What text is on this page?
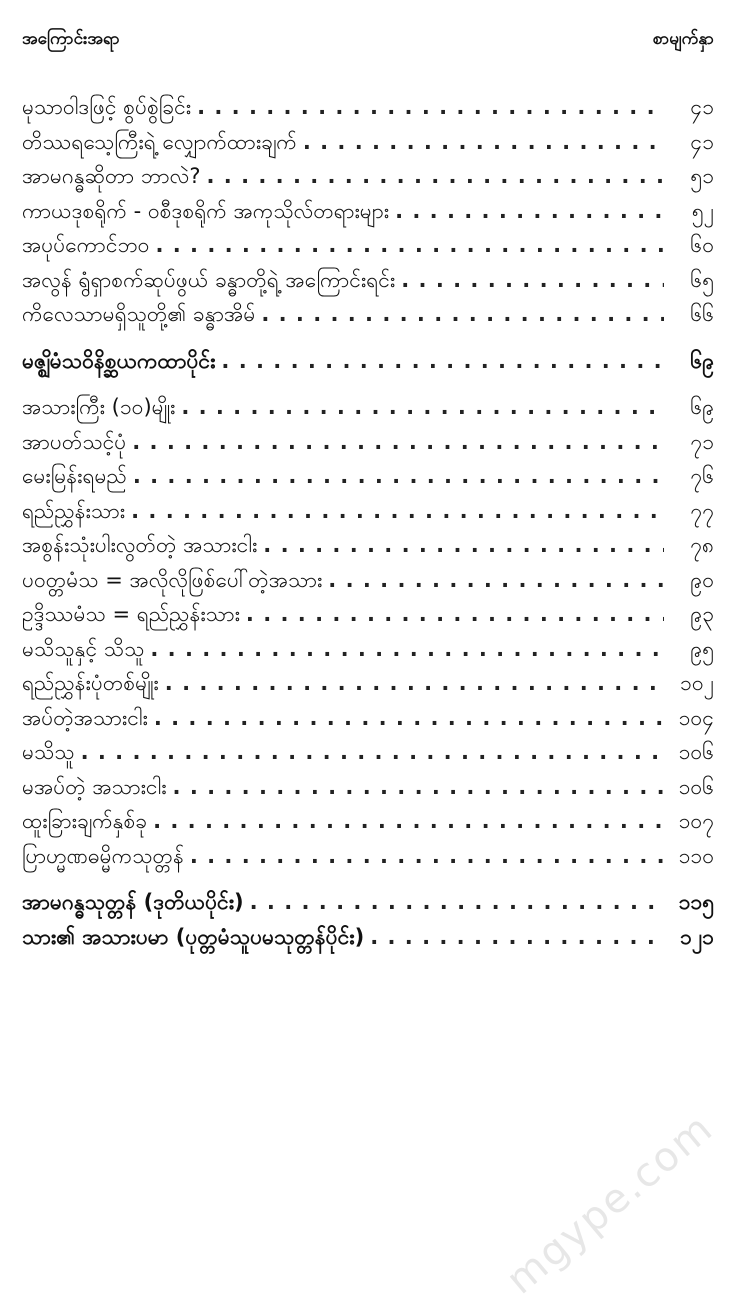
အကြောင်းအရာ	စာမျက်နှာ
မုသာဝါဒဖြင့် စွပ်စွဲခြင်း . . .	၄၁
တိဿရသေ့ကြီးရဲ့ လျှောက်ထားချက် . . .	၄၁
အာမဂန္ဓဆိုတာ ဘာလဲ? . . .	၅၁
ကာယဒုစရိုက် - ဝစီဒုစရိုက် အကုသိုလ်တရားများ . . .	၅၂
အပုပ်ကောင်ဘဝ . . .	၆၀
အလွန် ရွံရှာစက်ဆုပ်ဖွယ် ခန္ဓာတို့ရဲ့ အကြောင်းရင်း . . .	၆၅
ကိလေသာမရှိသူတို့၏ ခန္ဓာအိမ် . . .	၆၆
မဇ္ဈိမံသဝိနိစ္ဆယကထာပိုင်း . . .	၆၉
အသားကြီး (၁၀)မျိုး . . .	၆၉
အာပတ်သင့်ပုံ . . .	၇၁
မေးမြန်းရမည် . . .	၇၆
ရည်ညွှန်းသား . . .	၇၇
အစွန်းသုံးပါးလွတ်တဲ့ အသားငါး . . .	၇၈
ပဝတ္တမံသ = အလိုလိုဖြစ်ပေါ်တဲ့အသား . . .	၉၀
ဥဒ္ဒိဿမံသ = ရည်ညွှန်းသား . . .	၉၃
မသိသူနှင့် သိသူ . . .	၉၅
ရည်ညွှန်းပုံတစ်မျိုး . . .	၁၀၂
အပ်တဲ့အသားငါး . . .	၁၀၄
မသိသူ . . .	၁၀၆
မအပ်တဲ့ အသားငါး . . .	၁၀၆
ထူးခြားချက်နှစ်ခု . . .	၁၀၇
ပြာဟ္မဏဓမ္မိကသုတ္တန် . . .	၁၁၀
အာမဂန္ဓသုတ္တန် (ဒုတိယပိုင်း) . . .	၁၁၅
သား၏ အသားပမာ (ပုတ္တမံသူပမသုတ္တန်ပိုင်း) . . .	၁၂၁
mgype.com
